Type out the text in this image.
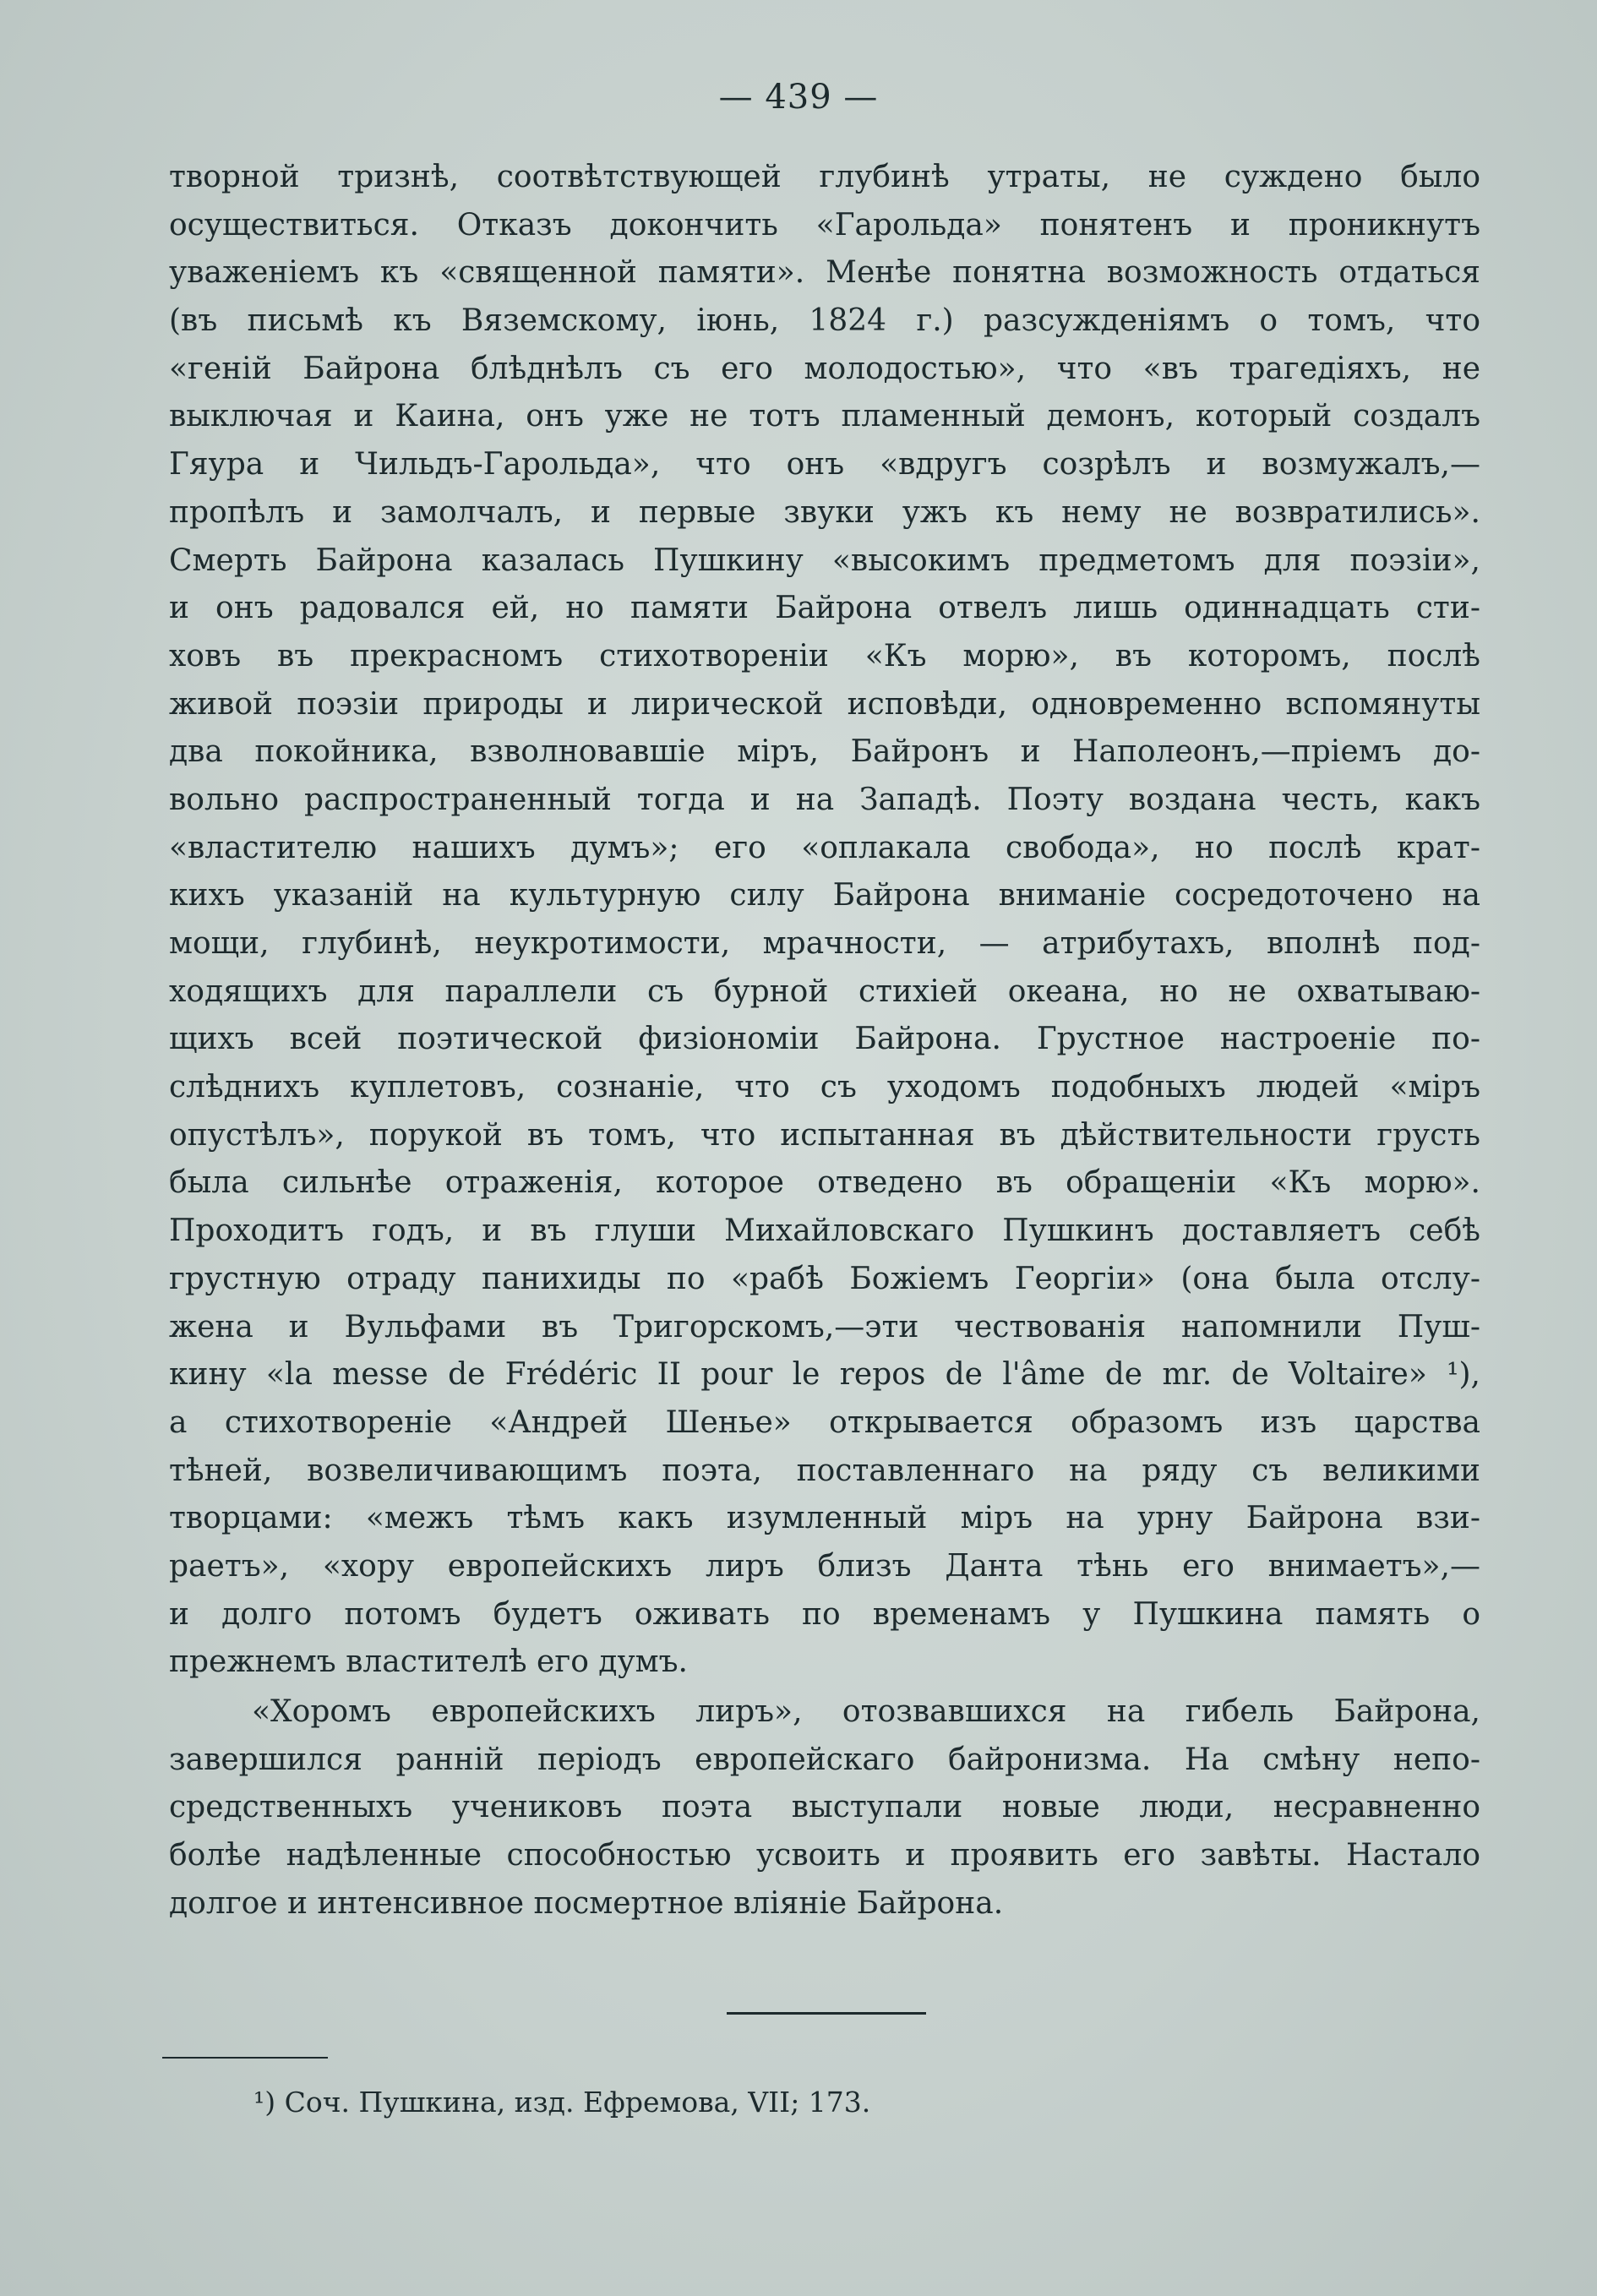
— 439 —
творной тризнѣ, соотвѣтствующей глубинѣ утраты, не суждено было
осуществиться. Отказъ докончить «Гарольда» понятенъ и проникнутъ
уваженіемъ къ «священной памяти». Менѣе понятна возможность отдаться
(въ письмѣ къ Вяземскому, іюнь, 1824 г.) разсужденіямъ о томъ, что
«геній Байрона блѣднѣлъ съ его молодостью», что «въ трагедіяхъ, не
выключая и Каина, онъ уже не тотъ пламенный демонъ, который создалъ
Гяура и Чильдъ-Гарольда», что онъ «вдругъ созрѣлъ и возмужалъ,—
пропѣлъ и замолчалъ, и первые звуки ужъ къ нему не возвратились».
Смерть Байрона казалась Пушкину «высокимъ предметомъ для поэзіи»,
и онъ радовался ей, но памяти Байрона отвелъ лишь одиннадцать сти-
ховъ въ прекрасномъ стихотвореніи «Къ морю», въ которомъ, послѣ
живой поэзіи природы и лирической исповѣди, одновременно вспомянуты
два покойника, взволновавшіе міръ, Байронъ и Наполеонъ,—пріемъ до-
вольно распространенный тогда и на Западѣ. Поэту воздана честь, какъ
«властителю нашихъ думъ»; его «оплакала свобода», но послѣ крат-
кихъ указаній на культурную силу Байрона вниманіе сосредоточено на
мощи, глубинѣ, неукротимости, мрачности, — атрибутахъ, вполнѣ под-
ходящихъ для параллели съ бурной стихіей океана, но не охватываю-
щихъ всей поэтической физіономіи Байрона. Грустное настроеніе по-
слѣднихъ куплетовъ, сознаніе, что съ уходомъ подобныхъ людей «міръ
опустѣлъ», порукой въ томъ, что испытанная въ дѣйствительности грусть
была сильнѣе отраженія, которое отведено въ обращеніи «Къ морю».
Проходитъ годъ, и въ глуши Михайловскаго Пушкинъ доставляетъ себѣ
грустную отраду панихиды по «рабѣ Божіемъ Георгіи» (она была отслу-
жена и Вульфами въ Тригорскомъ,—эти чествованія напомнили Пуш-
кину «la messe de Frédéric II pour le repos de l'âme de mr. de Voltaire» ¹),
а стихотвореніе «Андрей Шенье» открывается образомъ изъ царства
тѣней, возвеличивающимъ поэта, поставленнаго на ряду съ великими
творцами: «межъ тѣмъ какъ изумленный міръ на урну Байрона взи-
раетъ», «хору европейскихъ лиръ близъ Данта тѣнь его внимаетъ»,—
и долго потомъ будетъ оживать по временамъ у Пушкина память о
прежнемъ властителѣ его думъ.
«Хоромъ европейскихъ лиръ», отозвавшихся на гибель Байрона,
завершился ранній періодъ европейскаго байронизма. На смѣну непо-
средственныхъ учениковъ поэта выступали новые люди, несравненно
болѣе надѣленные способностью усвоить и проявить его завѣты. Настало
долгое и интенсивное посмертное вліяніе Байрона.
¹) Соч. Пушкина, изд. Ефремова, VII; 173.
